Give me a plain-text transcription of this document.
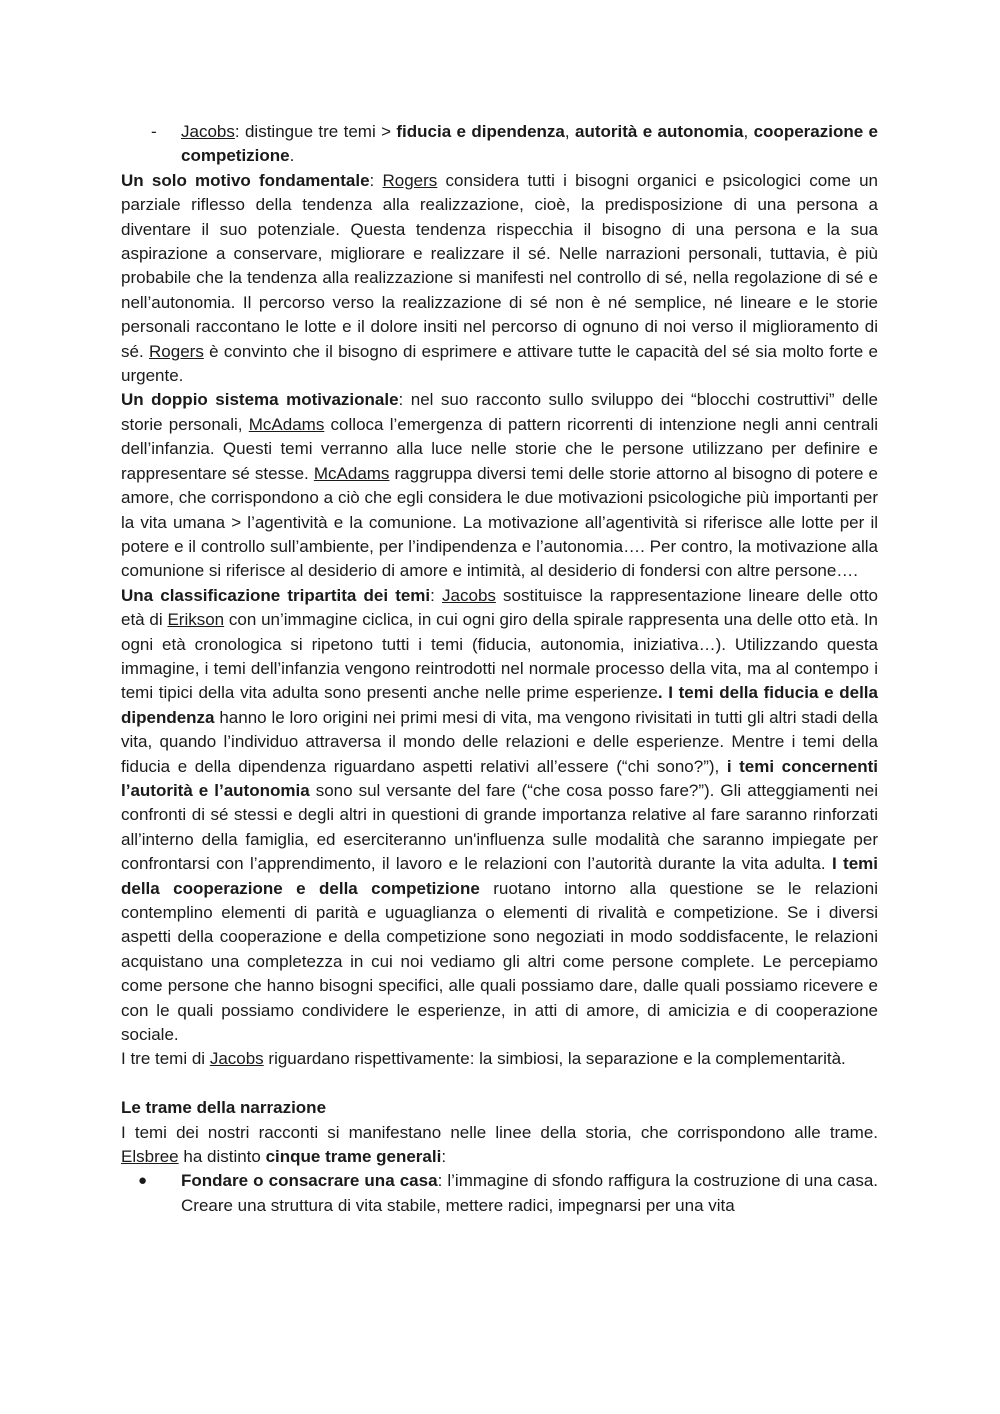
- Jacobs: distingue tre temi > fiducia e dipendenza, autorità e autonomia, cooperazione e competizione.

Un solo motivo fondamentale: Rogers considera tutti i bisogni organici e psicologici come un parziale riflesso della tendenza alla realizzazione, cioè, la predisposizione di una persona a diventare il suo potenziale. Questa tendenza rispecchia il bisogno di una persona e la sua aspirazione a conservare, migliorare e realizzare il sé. Nelle narrazioni personali, tuttavia, è più probabile che la tendenza alla realizzazione si manifesti nel controllo di sé, nella regolazione di sé e nell’autonomia. Il percorso verso la realizzazione di sé non è né semplice, né lineare e le storie personali raccontano le lotte e il dolore insiti nel percorso di ognuno di noi verso il miglioramento di sé. Rogers è convinto che il bisogno di esprimere e attivare tutte le capacità del sé sia molto forte e urgente.

Un doppio sistema motivazionale: nel suo racconto sullo sviluppo dei “blocchi costruttivi” delle storie personali, McAdams colloca l’emergenza di pattern ricorrenti di intenzione negli anni centrali dell’infanzia. Questi temi verranno alla luce nelle storie che le persone utilizzano per definire e rappresentare sé stesse. McAdams raggruppa diversi temi delle storie attorno al bisogno di potere e amore, che corrispondono a ciò che egli considera le due motivazioni psicologiche più importanti per la vita umana > l’agentività e la comunione. La motivazione all’agentività si riferisce alle lotte per il potere e il controllo sull’ambiente, per l’indipendenza e l’autonomia…. Per contro, la motivazione alla comunione si riferisce al desiderio di amore e intimità, al desiderio di fondersi con altre persone….

Una classificazione tripartita dei temi: Jacobs sostituisce la rappresentazione lineare delle otto età di Erikson con un’immagine ciclica, in cui ogni giro della spirale rappresenta una delle otto età. In ogni età cronologica si ripetono tutti i temi (fiducia, autonomia, iniziativa…). Utilizzando questa immagine, i temi dell’infanzia vengono reintrodotti nel normale processo della vita, ma al contempo i temi tipici della vita adulta sono presenti anche nelle prime esperienze. I temi della fiducia e della dipendenza hanno le loro origini nei primi mesi di vita, ma vengono rivisitati in tutti gli altri stadi della vita, quando l’individuo attraversa il mondo delle relazioni e delle esperienze. Mentre i temi della fiducia e della dipendenza riguardano aspetti relativi all’essere (“chi sono?”), i temi concernenti l’autorità e l’autonomia sono sul versante del fare (“che cosa posso fare?”). Gli atteggiamenti nei confronti di sé stessi e degli altri in questioni di grande importanza relative al fare saranno rinforzati all’interno della famiglia, ed eserciteranno un'influenza sulle modalità che saranno impiegate per confrontarsi con l’apprendimento, il lavoro e le relazioni con l’autorità durante la vita adulta. I temi della cooperazione e della competizione ruotano intorno alla questione se le relazioni contemplino elementi di parità e uguaglianza o elementi di rivalità e competizione. Se i diversi aspetti della cooperazione e della competizione sono negoziati in modo soddisfacente, le relazioni acquistano una completezza in cui noi vediamo gli altri come persone complete. Le percepiamo come persone che hanno bisogni specifici, alle quali possiamo dare, dalle quali possiamo ricevere e con le quali possiamo condividere le esperienze, in atti di amore, di amicizia e di cooperazione sociale.

I tre temi di Jacobs riguardano rispettivamente: la simbiosi, la separazione e la complementarità.

Le trame della narrazione

I temi dei nostri racconti si manifestano nelle linee della storia, che corrispondono alle trame. Elsbree ha distinto cinque trame generali:

● Fondare o consacrare una casa: l’immagine di sfondo raffigura la costruzione di una casa. Creare una struttura di vita stabile, mettere radici, impegnarsi per una vita
